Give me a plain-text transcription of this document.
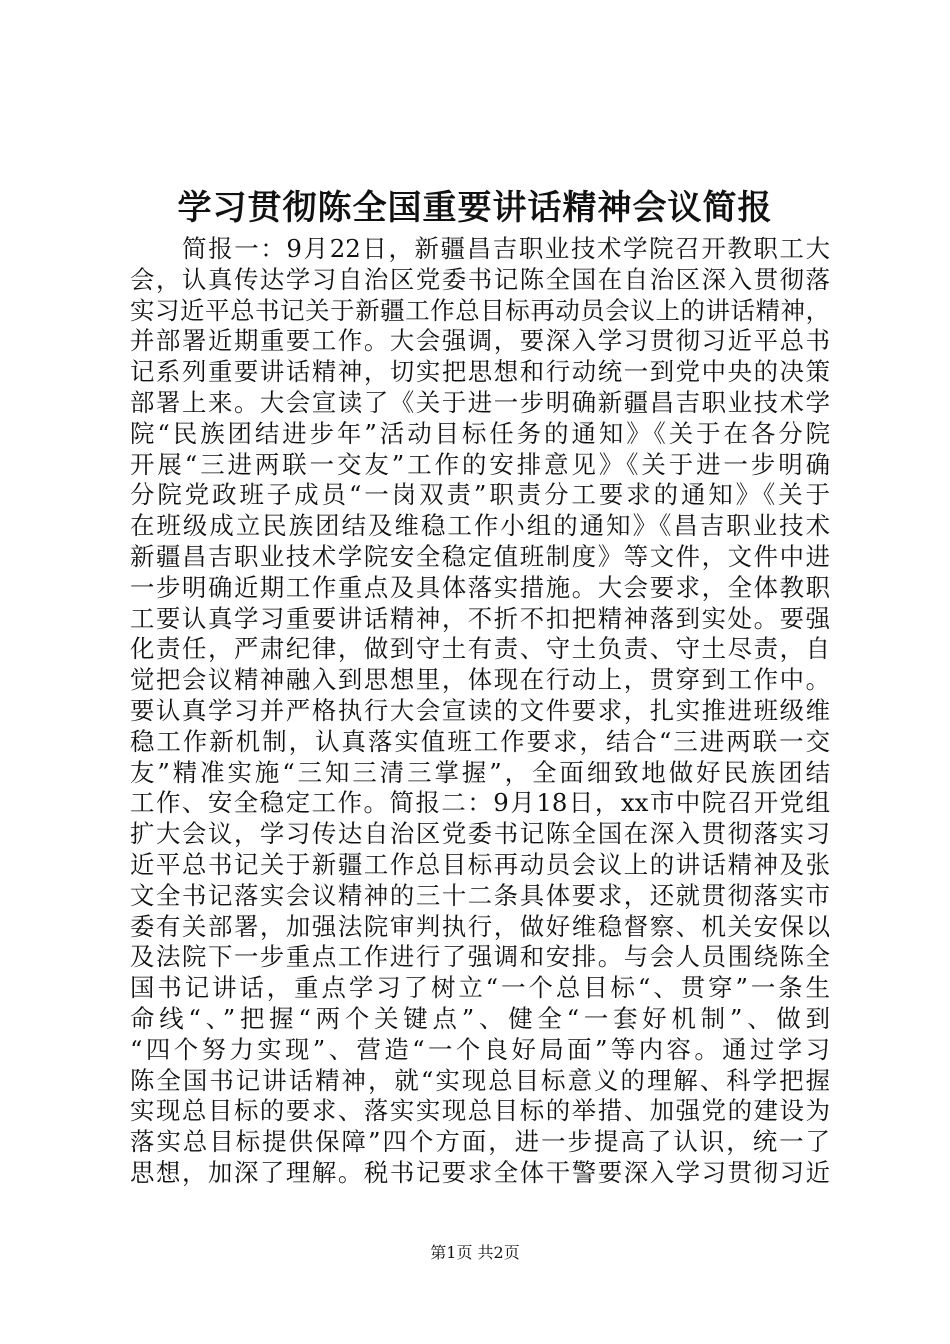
学习贯彻陈全国重要讲话精神会议简报
　　简报一：9月22日，新疆昌吉职业技术学院召开教职工大
会，认真传达学习自治区党委书记陈全国在自治区深入贯彻落
实习近平总书记关于新疆工作总目标再动员会议上的讲话精神，
并部署近期重要工作。大会强调，要深入学习贯彻习近平总书
记系列重要讲话精神，切实把思想和行动统一到党中央的决策
部署上来。大会宣读了《关于进一步明确新疆昌吉职业技术学
院“民族团结进步年”活动目标任务的通知》《关于在各分院
开展“三进两联一交友”工作的安排意见》《关于进一步明确
分院党政班子成员“一岗双责”职责分工要求的通知》《关于
在班级成立民族团结及维稳工作小组的通知》《昌吉职业技术
新疆昌吉职业技术学院安全稳定值班制度》等文件，文件中进
一步明确近期工作重点及具体落实措施。大会要求，全体教职
工要认真学习重要讲话精神，不折不扣把精神落到实处。要强
化责任，严肃纪律，做到守土有责、守土负责、守土尽责，自
觉把会议精神融入到思想里，体现在行动上，贯穿到工作中。
要认真学习并严格执行大会宣读的文件要求，扎实推进班级维
稳工作新机制，认真落实值班工作要求，结合“三进两联一交
友”精准实施“三知三清三掌握”，全面细致地做好民族团结
工作、安全稳定工作。简报二：9月18日，xx市中院召开党组
扩大会议，学习传达自治区党委书记陈全国在深入贯彻落实习
近平总书记关于新疆工作总目标再动员会议上的讲话精神及张
文全书记落实会议精神的三十二条具体要求，还就贯彻落实市
委有关部署，加强法院审判执行，做好维稳督察、机关安保以
及法院下一步重点工作进行了强调和安排。与会人员围绕陈全
国书记讲话，重点学习了树立“一个总目标“、贯穿”一条生
命线“、”把握“两个关键点”、健全“一套好机制”、做到
“四个努力实现”、营造“一个良好局面”等内容。通过学习
陈全国书记讲话精神，就“实现总目标意义的理解、科学把握
实现总目标的要求、落实实现总目标的举措、加强党的建设为
落实总目标提供保障”四个方面，进一步提高了认识，统一了
思想，加深了理解。税书记要求全体干警要深入学习贯彻习近
第1页 共2页
